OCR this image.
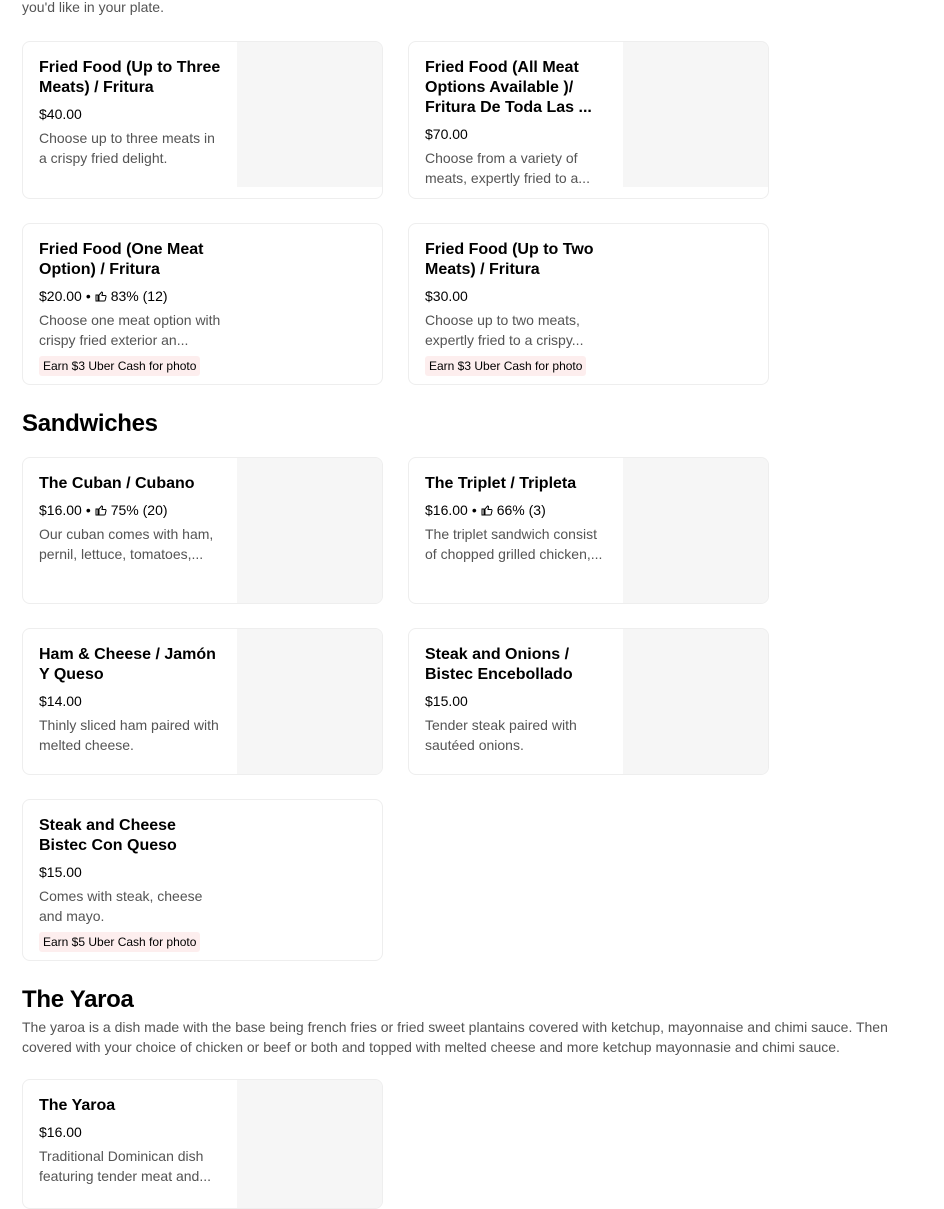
you'd like in your plate.
Fried Food (Up to Three Meats) / Fritura
$40.00
Choose up to three meats in a crispy fried delight.
Fried Food (All Meat Options Available )/ Fritura De Toda Las ...
$70.00
Choose from a variety of meats, expertly fried to a...
Fried Food (One Meat Option) / Fritura
$20.00 • 83% (12)
Choose one meat option with crispy fried exterior an...
Earn $3 Uber Cash for photo
Fried Food (Up to Two Meats) / Fritura
$30.00
Choose up to two meats, expertly fried to a crispy...
Earn $3 Uber Cash for photo
Sandwiches
The Cuban / Cubano
$16.00 • 75% (20)
Our cuban comes with ham, pernil, lettuce, tomatoes,...
The Triplet / Tripleta
$16.00 • 66% (3)
The triplet sandwich consist of chopped grilled chicken,...
Ham & Cheese / Jamón Y Queso
$14.00
Thinly sliced ham paired with melted cheese.
Steak and Onions / Bistec Encebollado
$15.00
Tender steak paired with sautéed onions.
Steak and Cheese Bistec Con Queso
$15.00
Comes with steak, cheese and mayo.
Earn $5 Uber Cash for photo
The Yaroa
The yaroa is a dish made with the base being french fries or fried sweet plantains covered with ketchup, mayonnaise and chimi sauce. Then covered with your choice of chicken or beef or both and topped with melted cheese and more ketchup mayonnasie and chimi sauce.
The Yaroa
$16.00
Traditional Dominican dish featuring tender meat and...
